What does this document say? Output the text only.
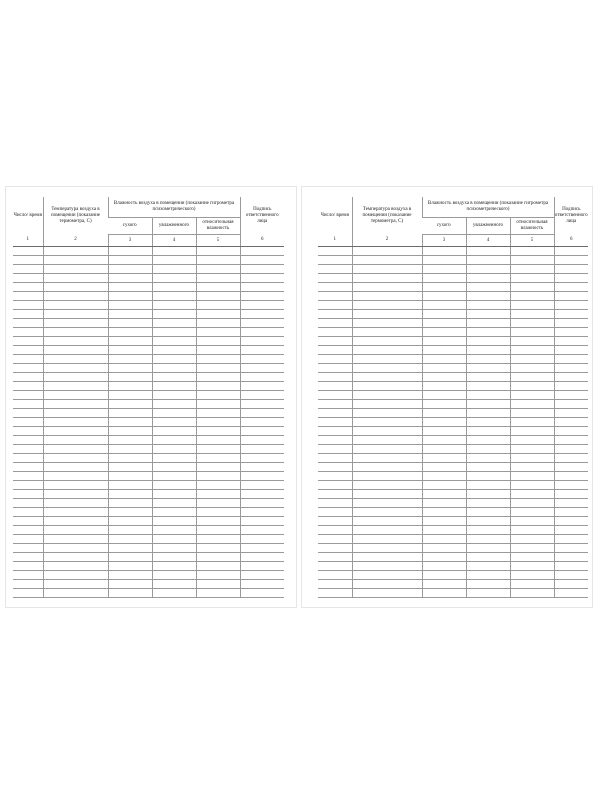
Число/ время	Температура воздуха в помещении (показание термометра, С)	Влажность воздуха в помещении (показание гигрометра психометрического)			Подпись ответственного лица
		сухого	увлажненного	относительная влажность	
1	2	3	4	5	6

Число/ время	Температура воздуха в помещении (показание термометра, С)	Влажность воздуха в помещении (показание гигрометра психометрического)			Подпись ответственного лица
		сухого	увлажненного	относительная влажность	
1	2	3	4	5	6
